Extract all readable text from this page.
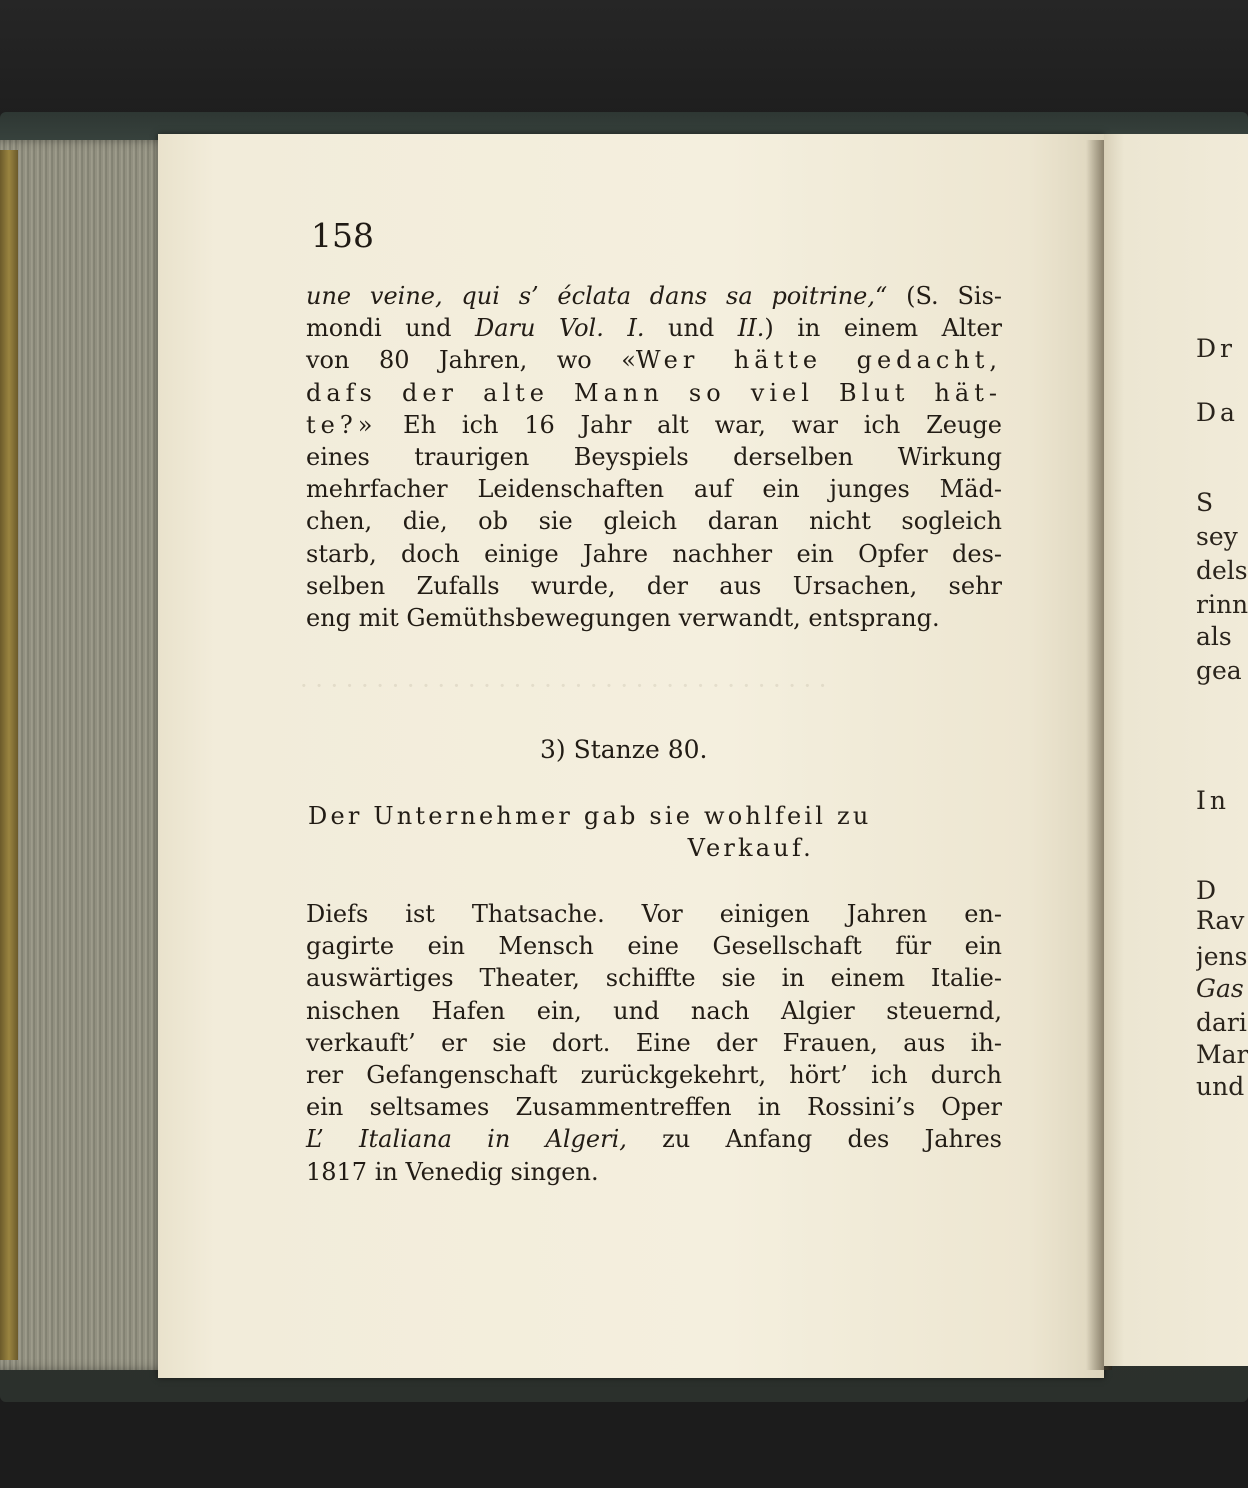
· · · · · · · · · · · · · · · · · · · · · · · · · · · · · · · · · · ·
158
une veine, qui s’ éclata dans sa poitrine,“ (S. Sis-
mondi und Daru Vol. I. und II.) in einem Alter
von 80 Jahren, wo «Wer hätte gedacht,
dafs der alte Mann so viel Blut hät-
te?» Eh ich 16 Jahr alt war, war ich Zeuge
eines traurigen Beyspiels derselben Wirkung
mehrfacher Leidenschaften auf ein junges Mäd-
chen, die, ob sie gleich daran nicht sogleich
starb, doch einige Jahre nachher ein Opfer des-
selben Zufalls wurde, der aus Ursachen, sehr
eng mit Gemüthsbewegungen verwandt, entsprang.
3) Stanze 80.
Der Unternehmer gab sie wohlfeil zu
Verkauf.
Diefs ist Thatsache. Vor einigen Jahren en-
gagirte ein Mensch eine Gesellschaft für ein
auswärtiges Theater, schiffte sie in einem Italie-
nischen Hafen ein, und nach Algier steuernd,
verkauft’ er sie dort. Eine der Frauen, aus ih-
rer Gefangenschaft zurückgekehrt, hört’ ich durch
ein seltsames Zusammentreffen in Rossini’s Oper
L’ Italiana in Algeri, zu Anfang des Jahres
1817 in Venedig singen.
Dr
Da
S
sey
dels
rinn
als
gea
In
D
Rav
jens
Gas
dari
Mar
und
